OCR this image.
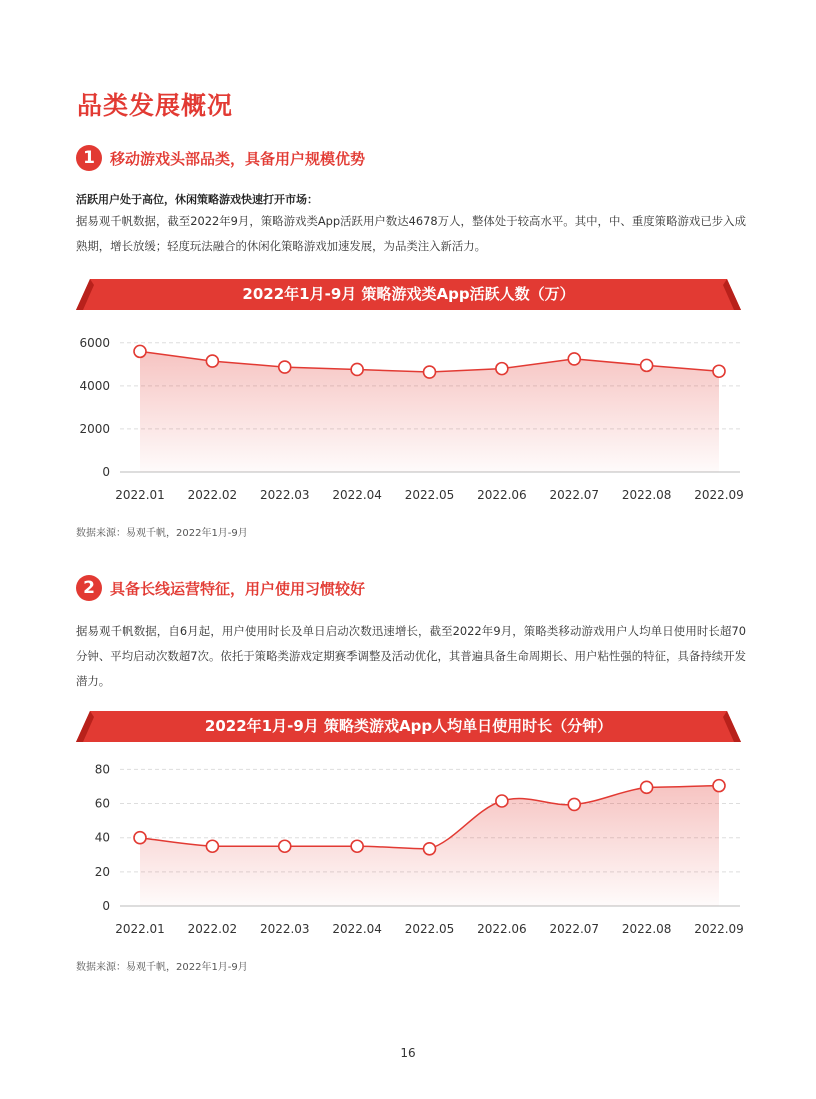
品类发展概况
1	移动游戏头部品类，具备用户规模优势
活跃用户处于高位，休闲策略游戏快速打开市场：
据易观千帆数据，截至2022年9月，策略游戏类App活跃用户数达4678万人，整体处于较高水平。其中，中、重度策略游戏已步入成熟期，增长放缓；轻度玩法融合的休闲化策略游戏加速发展，为品类注入新活力。
2022年1月-9月 策略游戏类App活跃人数（万）
0
2000
4000
6000
2022.01 2022.02 2022.03 2022.04 2022.05 2022.06 2022.07 2022.08 2022.09
数据来源：易观千帆，2022年1月-9月
2	具备长线运营特征，用户使用习惯较好
据易观千帆数据，自6月起，用户使用时长及单日启动次数迅速增长，截至2022年9月，策略类移动游戏用户人均单日使用时长超70分钟、平均启动次数超7次。依托于策略类游戏定期赛季调整及活动优化，其普遍具备生命周期长、用户粘性强的特征，具备持续开发潜力。
2022年1月-9月 策略类游戏App人均单日使用时长（分钟）
0
20
40
60
80
2022.01 2022.02 2022.03 2022.04 2022.05 2022.06 2022.07 2022.08 2022.09
数据来源：易观千帆，2022年1月-9月
16
